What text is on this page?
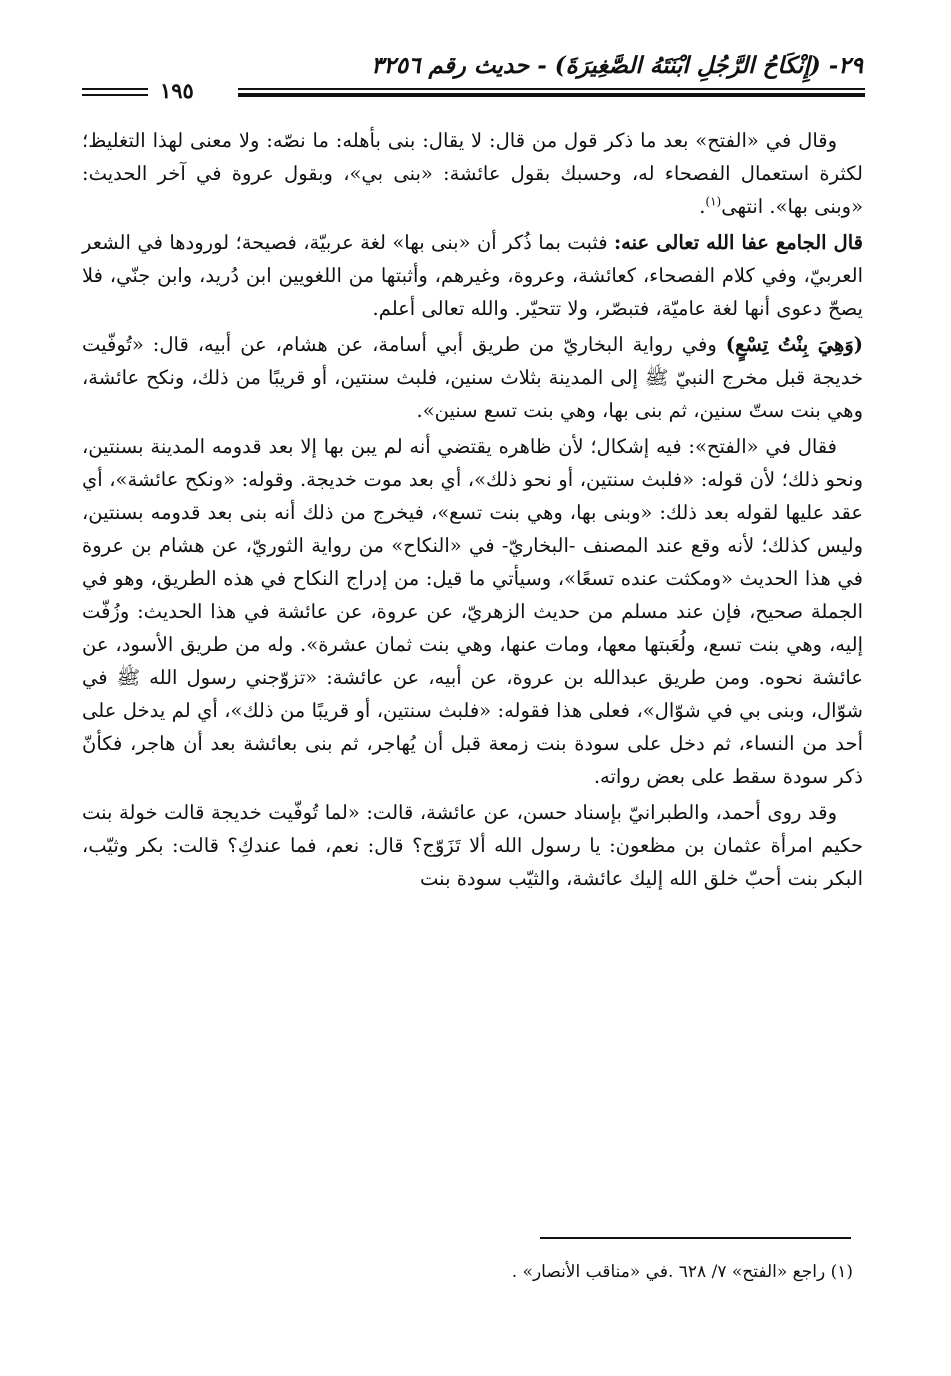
٢٩- (إِنْكَاحُ الرَّجُلِ ابْنَتَهُ الصَّغِيرَةَ) - حديث رقم ٣٢٥٦
١٩٥

وقال في «الفتح» بعد ما ذكر قول من قال: لا يقال: بنى بأهله: ما نصّه: ولا معنى لهذا التغليظ؛ لكثرة استعمال الفصحاء له، وحسبك بقول عائشة: «بنى بي»، وبقول عروة في آخر الحديث: «وبنى بها». انتهى$^{(١)}$.

قال الجامع عفا الله تعالى عنه: فثبت بما ذُكر أن «بنى بها» لغة عربيّة، فصيحة؛ لورودها في الشعر العربيّ، وفي كلام الفصحاء، كعائشة، وعروة، وغيرهم، وأثبتها من اللغويين ابن دُريد، وابن جنّي، فلا يصحّ دعوى أنها لغة عاميّة، فتبصّر، ولا تتحيّر. والله تعالى أعلم.

(وَهِيَ بِنْتُ تِسْعٍ) وفي رواية البخاريّ من طريق أبي أسامة، عن هشام، عن أبيه، قال: «تُوفّيت خديجة قبل مخرج النبيّ ﷺ إلى المدينة بثلاث سنين، فلبث سنتين، أو قريبًا من ذلك، ونكح عائشة، وهي بنت ستّ سنين، ثم بنى بها، وهي بنت تسع سنين».

فقال في «الفتح»: فيه إشكال؛ لأن ظاهره يقتضي أنه لم يبن بها إلا بعد قدومه المدينة بسنتين، ونحو ذلك؛ لأن قوله: «فلبث سنتين، أو نحو ذلك»، أي بعد موت خديجة. وقوله: «ونكح عائشة»، أي عقد عليها لقوله بعد ذلك: «وبنى بها، وهي بنت تسع»، فيخرج من ذلك أنه بنى بعد قدومه بسنتين، وليس كذلك؛ لأنه وقع عند المصنف -البخاريّ- في «النكاح» من رواية الثوريّ، عن هشام بن عروة في هذا الحديث «ومكثت عنده تسعًا»، وسيأتي ما قيل: من إدراج النكاح في هذه الطريق، وهو في الجملة صحيح، فإن عند مسلم من حديث الزهريّ، عن عروة، عن عائشة في هذا الحديث: وزُفّت إليه، وهي بنت تسع، ولُعَبتها معها، ومات عنها، وهي بنت ثمان عشرة». وله من طريق الأسود، عن عائشة نحوه. ومن طريق عبدالله بن عروة، عن أبيه، عن عائشة: «تزوّجني رسول الله ﷺ في شوّال، وبنى بي في شوّال»، فعلى هذا فقوله: «فلبث سنتين، أو قريبًا من ذلك»، أي لم يدخل على أحد من النساء، ثم دخل على سودة بنت زمعة قبل أن يُهاجر، ثم بنى بعائشة بعد أن هاجر، فكأنّ ذكر سودة سقط على بعض رواته.

وقد روى أحمد، والطبرانيّ بإسناد حسن، عن عائشة، قالت: «لما تُوفّيت خديجة قالت خولة بنت حكيم امرأة عثمان بن مظعون: يا رسول الله ألا تَزَوّج؟ قال: نعم، فما عندكِ؟ قالت: بكر وثيّب، البكر بنت أحبّ خلق الله إليك عائشة، والثيّب سودة بنت

(١) راجع «الفتح» ٧/ ٦٢٨ .في «مناقب الأنصار» .
